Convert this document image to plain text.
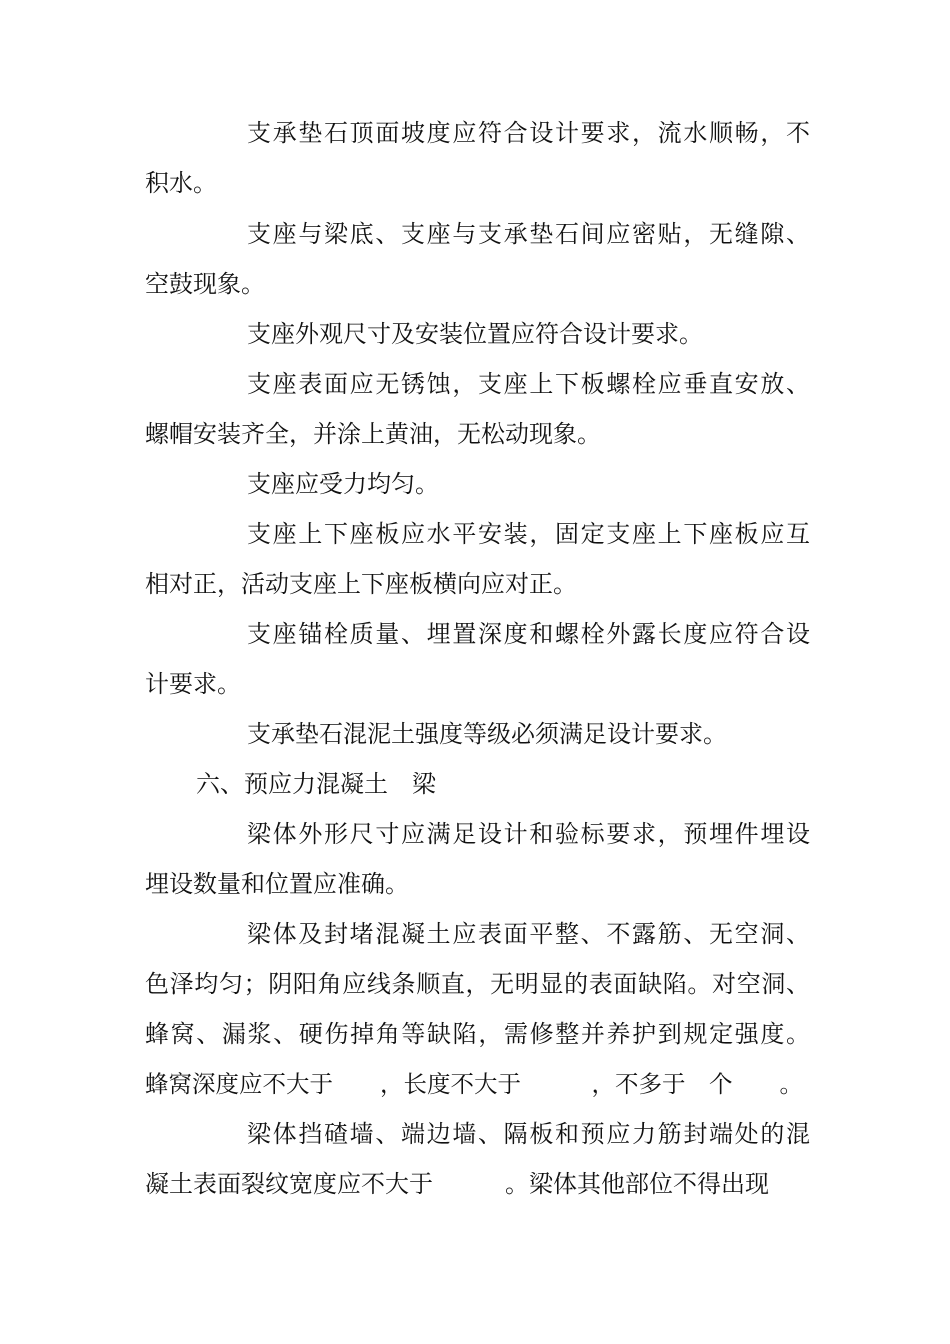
支承垫石顶面坡度应符合设计要求，流水顺畅，不
积水。
支座与梁底、支座与支承垫石间应密贴，无缝隙、
空鼓现象。
支座外观尺寸及安装位置应符合设计要求。
支座表面应无锈蚀，支座上下板螺栓应垂直安放、
螺帽安装齐全，并涂上黄油，无松动现象。
支座应受力均匀。
支座上下座板应水平安装，固定支座上下座板应互
相对正，活动支座上下座板横向应对正。
支座锚栓质量、埋置深度和螺栓外露长度应符合设
计要求。
支承垫石混泥土强度等级必须满足设计要求。
六、预应力混凝土　梁
梁体外形尺寸应满足设计和验标要求，预埋件埋设
埋设数量和位置应准确。
梁体及封堵混凝土应表面平整、不露筋、无空洞、
色泽均匀；阴阳角应线条顺直，无明显的表面缺陷。对空洞、
蜂窝、漏浆、硬伤掉角等缺陷，需修整并养护到规定强度。
蜂窝深度应不大于　　，长度不大于　　　，不多于　个　　。
梁体挡碴墙、端边墙、隔板和预应力筋封端处的混
凝土表面裂纹宽度应不大于　　　。梁体其他部位不得出现
